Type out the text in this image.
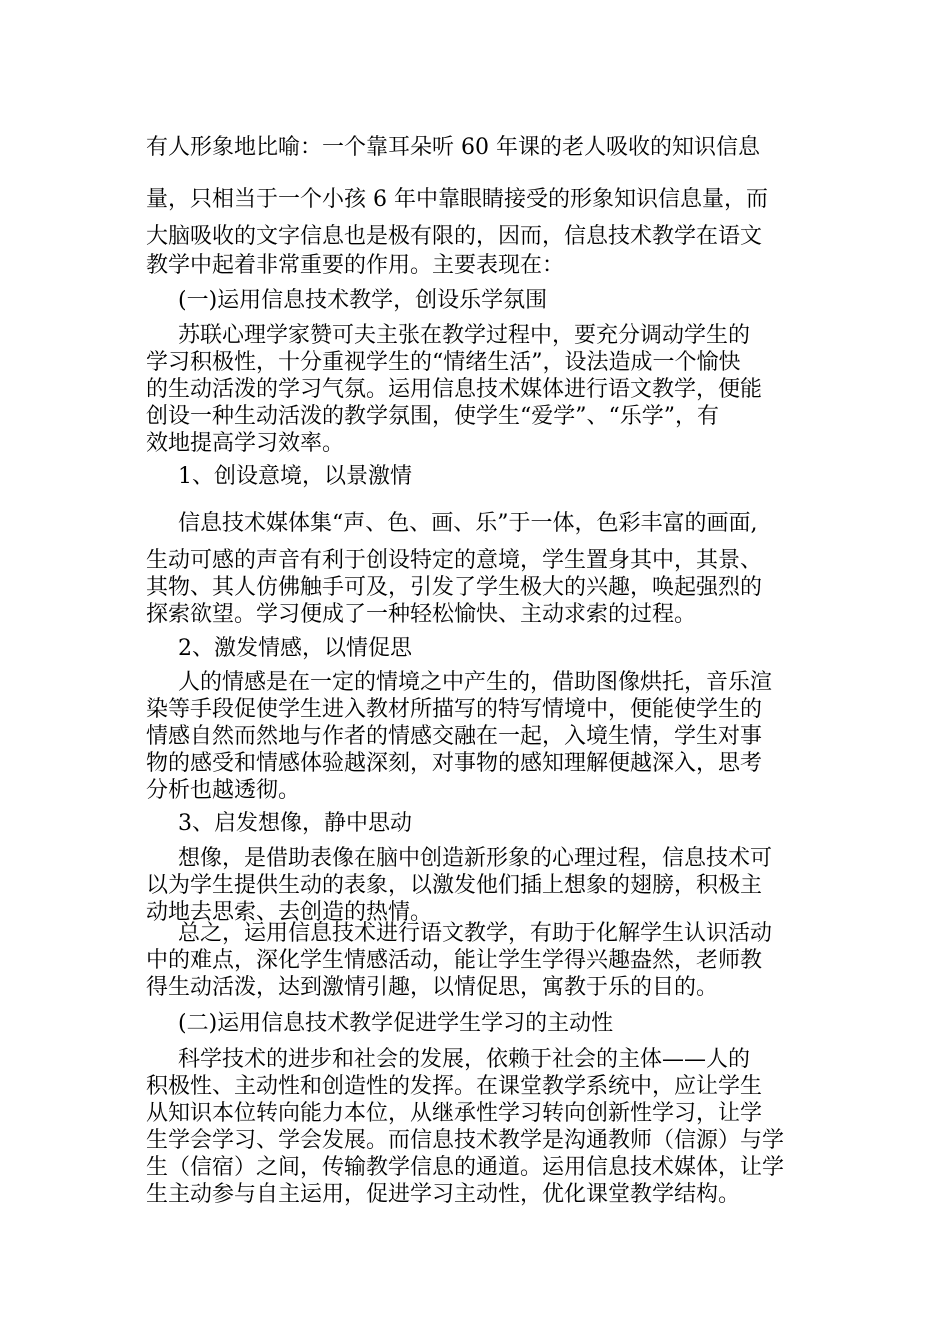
有人形象地比喻：一个靠耳朵听 60 年课的老人吸收的知识信息
量，只相当于一个小孩 6 年中靠眼睛接受的形象知识信息量，而
大脑吸收的文字信息也是极有限的，因而，信息技术教学在语文
教学中起着非常重要的作用。主要表现在：
(一)运用信息技术教学，创设乐学氛围
苏联心理学家赞可夫主张在教学过程中，要充分调动学生的
学习积极性，十分重视学生的“情绪生活”，设法造成一个愉快
的生动活泼的学习气氛。运用信息技术媒体进行语文教学，便能
创设一种生动活泼的教学氛围，使学生“爱学”、“乐学”，有
效地提高学习效率。
1、创设意境，以景激情
信息技术媒体集“声、色、画、乐”于一体，色彩丰富的画面,
生动可感的声音有利于创设特定的意境，学生置身其中，其景、
其物、其人仿佛触手可及，引发了学生极大的兴趣，唤起强烈的
探索欲望。学习便成了一种轻松愉快、主动求索的过程。
2、激发情感，以情促思
人的情感是在一定的情境之中产生的，借助图像烘托，音乐渲
染等手段促使学生进入教材所描写的特写情境中，便能使学生的
情感自然而然地与作者的情感交融在一起，入境生情，学生对事
物的感受和情感体验越深刻，对事物的感知理解便越深入，思考
分析也越透彻。
3、启发想像，静中思动
想像，是借助表像在脑中创造新形象的心理过程，信息技术可
以为学生提供生动的表象，以激发他们插上想象的翅膀，积极主
动地去思索、去创造的热情。
总之，运用信息技术进行语文教学，有助于化解学生认识活动
中的难点，深化学生情感活动，能让学生学得兴趣盎然，老师教
得生动活泼，达到激情引趣，以情促思，寓教于乐的目的。
(二)运用信息技术教学促进学生学习的主动性
科学技术的进步和社会的发展，依赖于社会的主体——人的
积极性、主动性和创造性的发挥。在课堂教学系统中，应让学生
从知识本位转向能力本位，从继承性学习转向创新性学习，让学
生学会学习、学会发展。而信息技术教学是沟通教师（信源）与学
生（信宿）之间，传输教学信息的通道。运用信息技术媒体，让学
生主动参与自主运用，促进学习主动性，优化课堂教学结构。
